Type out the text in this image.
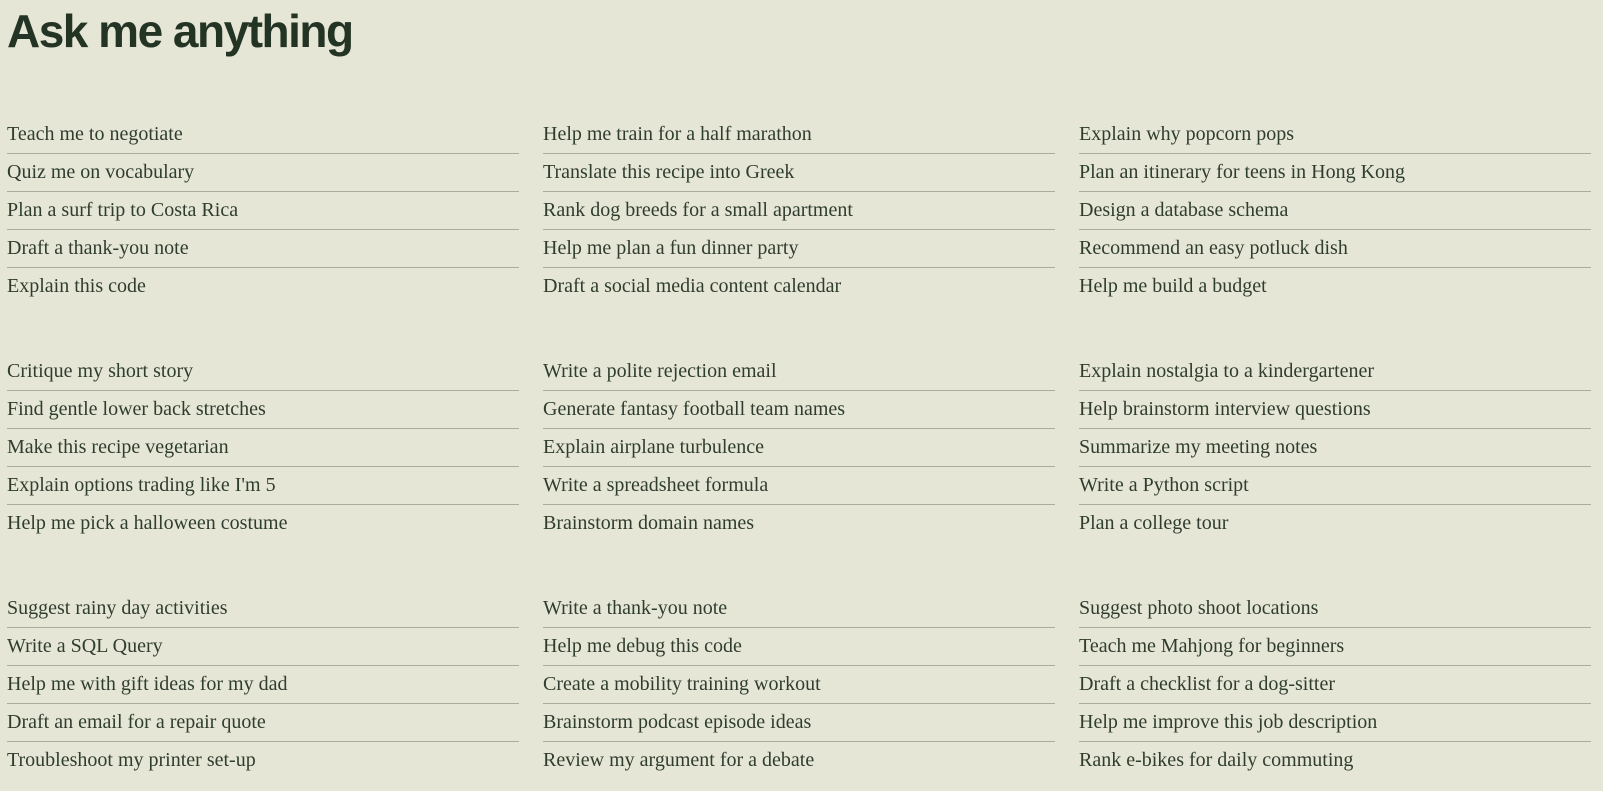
Ask me anything
Teach me to negotiate
Quiz me on vocabulary
Plan a surf trip to Costa Rica
Draft a thank-you note
Explain this code
Help me train for a half marathon
Translate this recipe into Greek
Rank dog breeds for a small apartment
Help me plan a fun dinner party
Draft a social media content calendar
Explain why popcorn pops
Plan an itinerary for teens in Hong Kong
Design a database schema
Recommend an easy potluck dish
Help me build a budget
Critique my short story
Find gentle lower back stretches
Make this recipe vegetarian
Explain options trading like I'm 5
Help me pick a halloween costume
Write a polite rejection email
Generate fantasy football team names
Explain airplane turbulence
Write a spreadsheet formula
Brainstorm domain names
Explain nostalgia to a kindergartener
Help brainstorm interview questions
Summarize my meeting notes
Write a Python script
Plan a college tour
Suggest rainy day activities
Write a SQL Query
Help me with gift ideas for my dad
Draft an email for a repair quote
Troubleshoot my printer set-up
Write a thank-you note
Help me debug this code
Create a mobility training workout
Brainstorm podcast episode ideas
Review my argument for a debate
Suggest photo shoot locations
Teach me Mahjong for beginners
Draft a checklist for a dog-sitter
Help me improve this job description
Rank e-bikes for daily commuting
